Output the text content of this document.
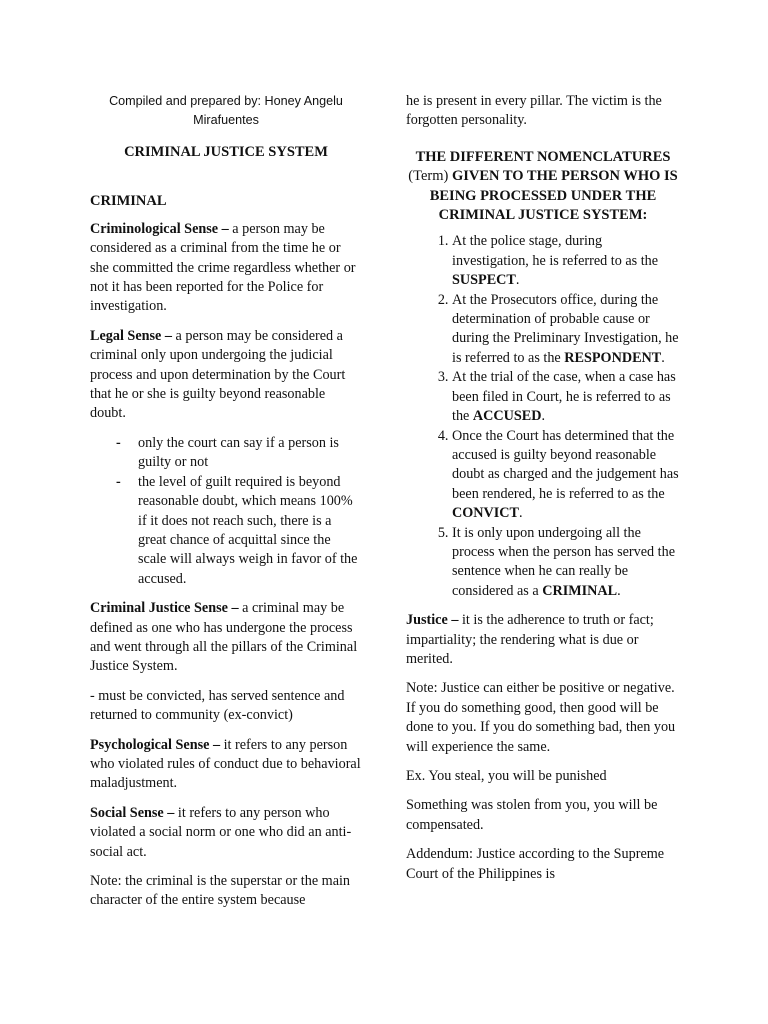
Compiled and prepared by: Honey Angelu
Mirafuentes
CRIMINAL JUSTICE SYSTEM
CRIMINAL

Criminological Sense – a person may be considered as a criminal from the time he or she committed the crime regardless whether or not it has been reported for the Police for investigation.

Legal Sense – a person may be considered a criminal only upon undergoing the judicial process and upon determination by the Court that he or she is guilty beyond reasonable doubt.

- only the court can say if a person is guilty or not
- the level of guilt required is beyond reasonable doubt, which means 100% if it does not reach such, there is a great chance of acquittal since the scale will always weigh in favor of the accused.

Criminal Justice Sense – a criminal may be defined as one who has undergone the process and went through all the pillars of the Criminal Justice System.

- must be convicted, has served sentence and returned to community (ex-convict)

Psychological Sense – it refers to any person who violated rules of conduct due to behavioral maladjustment.

Social Sense – it refers to any person who violated a social norm or one who did an anti-social act.

Note: the criminal is the superstar or the main character of the entire system because

he is present in every pillar. The victim is the forgotten personality.

THE DIFFERENT NOMENCLATURES
(Term) GIVEN TO THE PERSON WHO IS BEING PROCESSED UNDER THE CRIMINAL JUSTICE SYSTEM:
1. At the police stage, during investigation, he is referred to as the SUSPECT.
2. At the Prosecutors office, during the determination of probable cause or during the Preliminary Investigation, he is referred to as the RESPONDENT.
3. At the trial of the case, when a case has been filed in Court, he is referred to as the ACCUSED.
4. Once the Court has determined that the accused is guilty beyond reasonable doubt as charged and the judgement has been rendered, he is referred to as the CONVICT.
5. It is only upon undergoing all the process when the person has served the sentence when he can really be considered as a CRIMINAL.

Justice – it is the adherence to truth or fact; impartiality; the rendering what is due or merited.

Note: Justice can either be positive or negative. If you do something good, then good will be done to you. If you do something bad, then you will experience the same.

Ex. You steal, you will be punished

Something was stolen from you, you will be compensated.

Addendum: Justice according to the Supreme Court of the Philippines is
